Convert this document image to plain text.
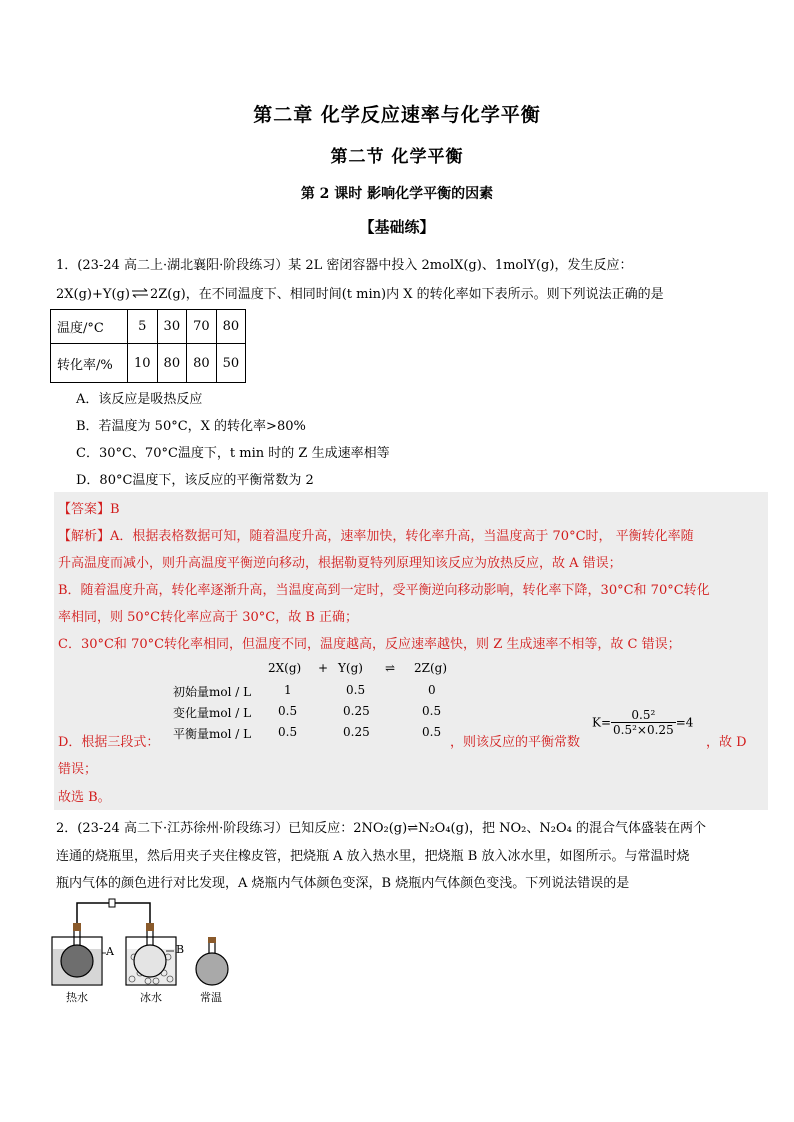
第二章 化学反应速率与化学平衡
第二节 化学平衡
第 2 课时 影响化学平衡的因素
【基础练】
1．(23-24 高二上·湖北襄阳·阶段练习）某 2L 密闭容器中投入 2molX(g)、1molY(g)，发生反应：
2X(g)+Y(g)⇌2Z(g)，在不同温度下、相同时间(t min)内 X 的转化率如下表所示。则下列说法正确的是
温度/°C	5	30	70	80
转化率/%	10	80	80	50
A．该反应是吸热反应
B．若温度为 50°C，X 的转化率>80%
C．30°C、70°C温度下，t min 时的 Z 生成速率相等
D．80°C温度下，该反应的平衡常数为 2
【答案】B
【解析】A．根据表格数据可知，随着温度升高，速率加快，转化率升高，当温度高于 70°C时， 平衡转化率随
升高温度而减小，则升高温度平衡逆向移动，根据勒夏特列原理知该反应为放热反应，故 A 错误；
B．随着温度升高，转化率逐渐升高，当温度高到一定时，受平衡逆向移动影响，转化率下降，30°C和 70°C转化
率相同，则 50°C转化率应高于 30°C，故 B 正确；
C．30°C和 70°C转化率相同，但温度不同，温度越高，反应速率越快，则 Z 生成速率不相等，故 C 错误；
2X(g) + Y(g) ⇌ 2Z(g)
初始量mol / L	1	0.5	0
变化量mol / L 0.5	0.25	0.5
平衡量mol / L 0.5	0.25	0.5
D．根据三段式：	，则该反应的平衡常数
$K= \frac{\text{0.5²}}{\text{0.5²×0.25}} =4$
，故 D
错误；
故选 B。
2．(23-24 高二下·江苏徐州·阶段练习）已知反应：2NO₂(g)⇌N₂O₄(g)，把 NO₂、N₂O₄ 的混合气体盛装在两个
连通的烧瓶里，然后用夹子夹住橡皮管，把烧瓶 A 放入热水里，把烧瓶 B 放入冰水里，如图所示。与常温时烧
瓶内气体的颜色进行对比发现，A 烧瓶内气体颜色变深，B 烧瓶内气体颜色变浅。下列说法错误的是
A	B
热水	冰水	常温
